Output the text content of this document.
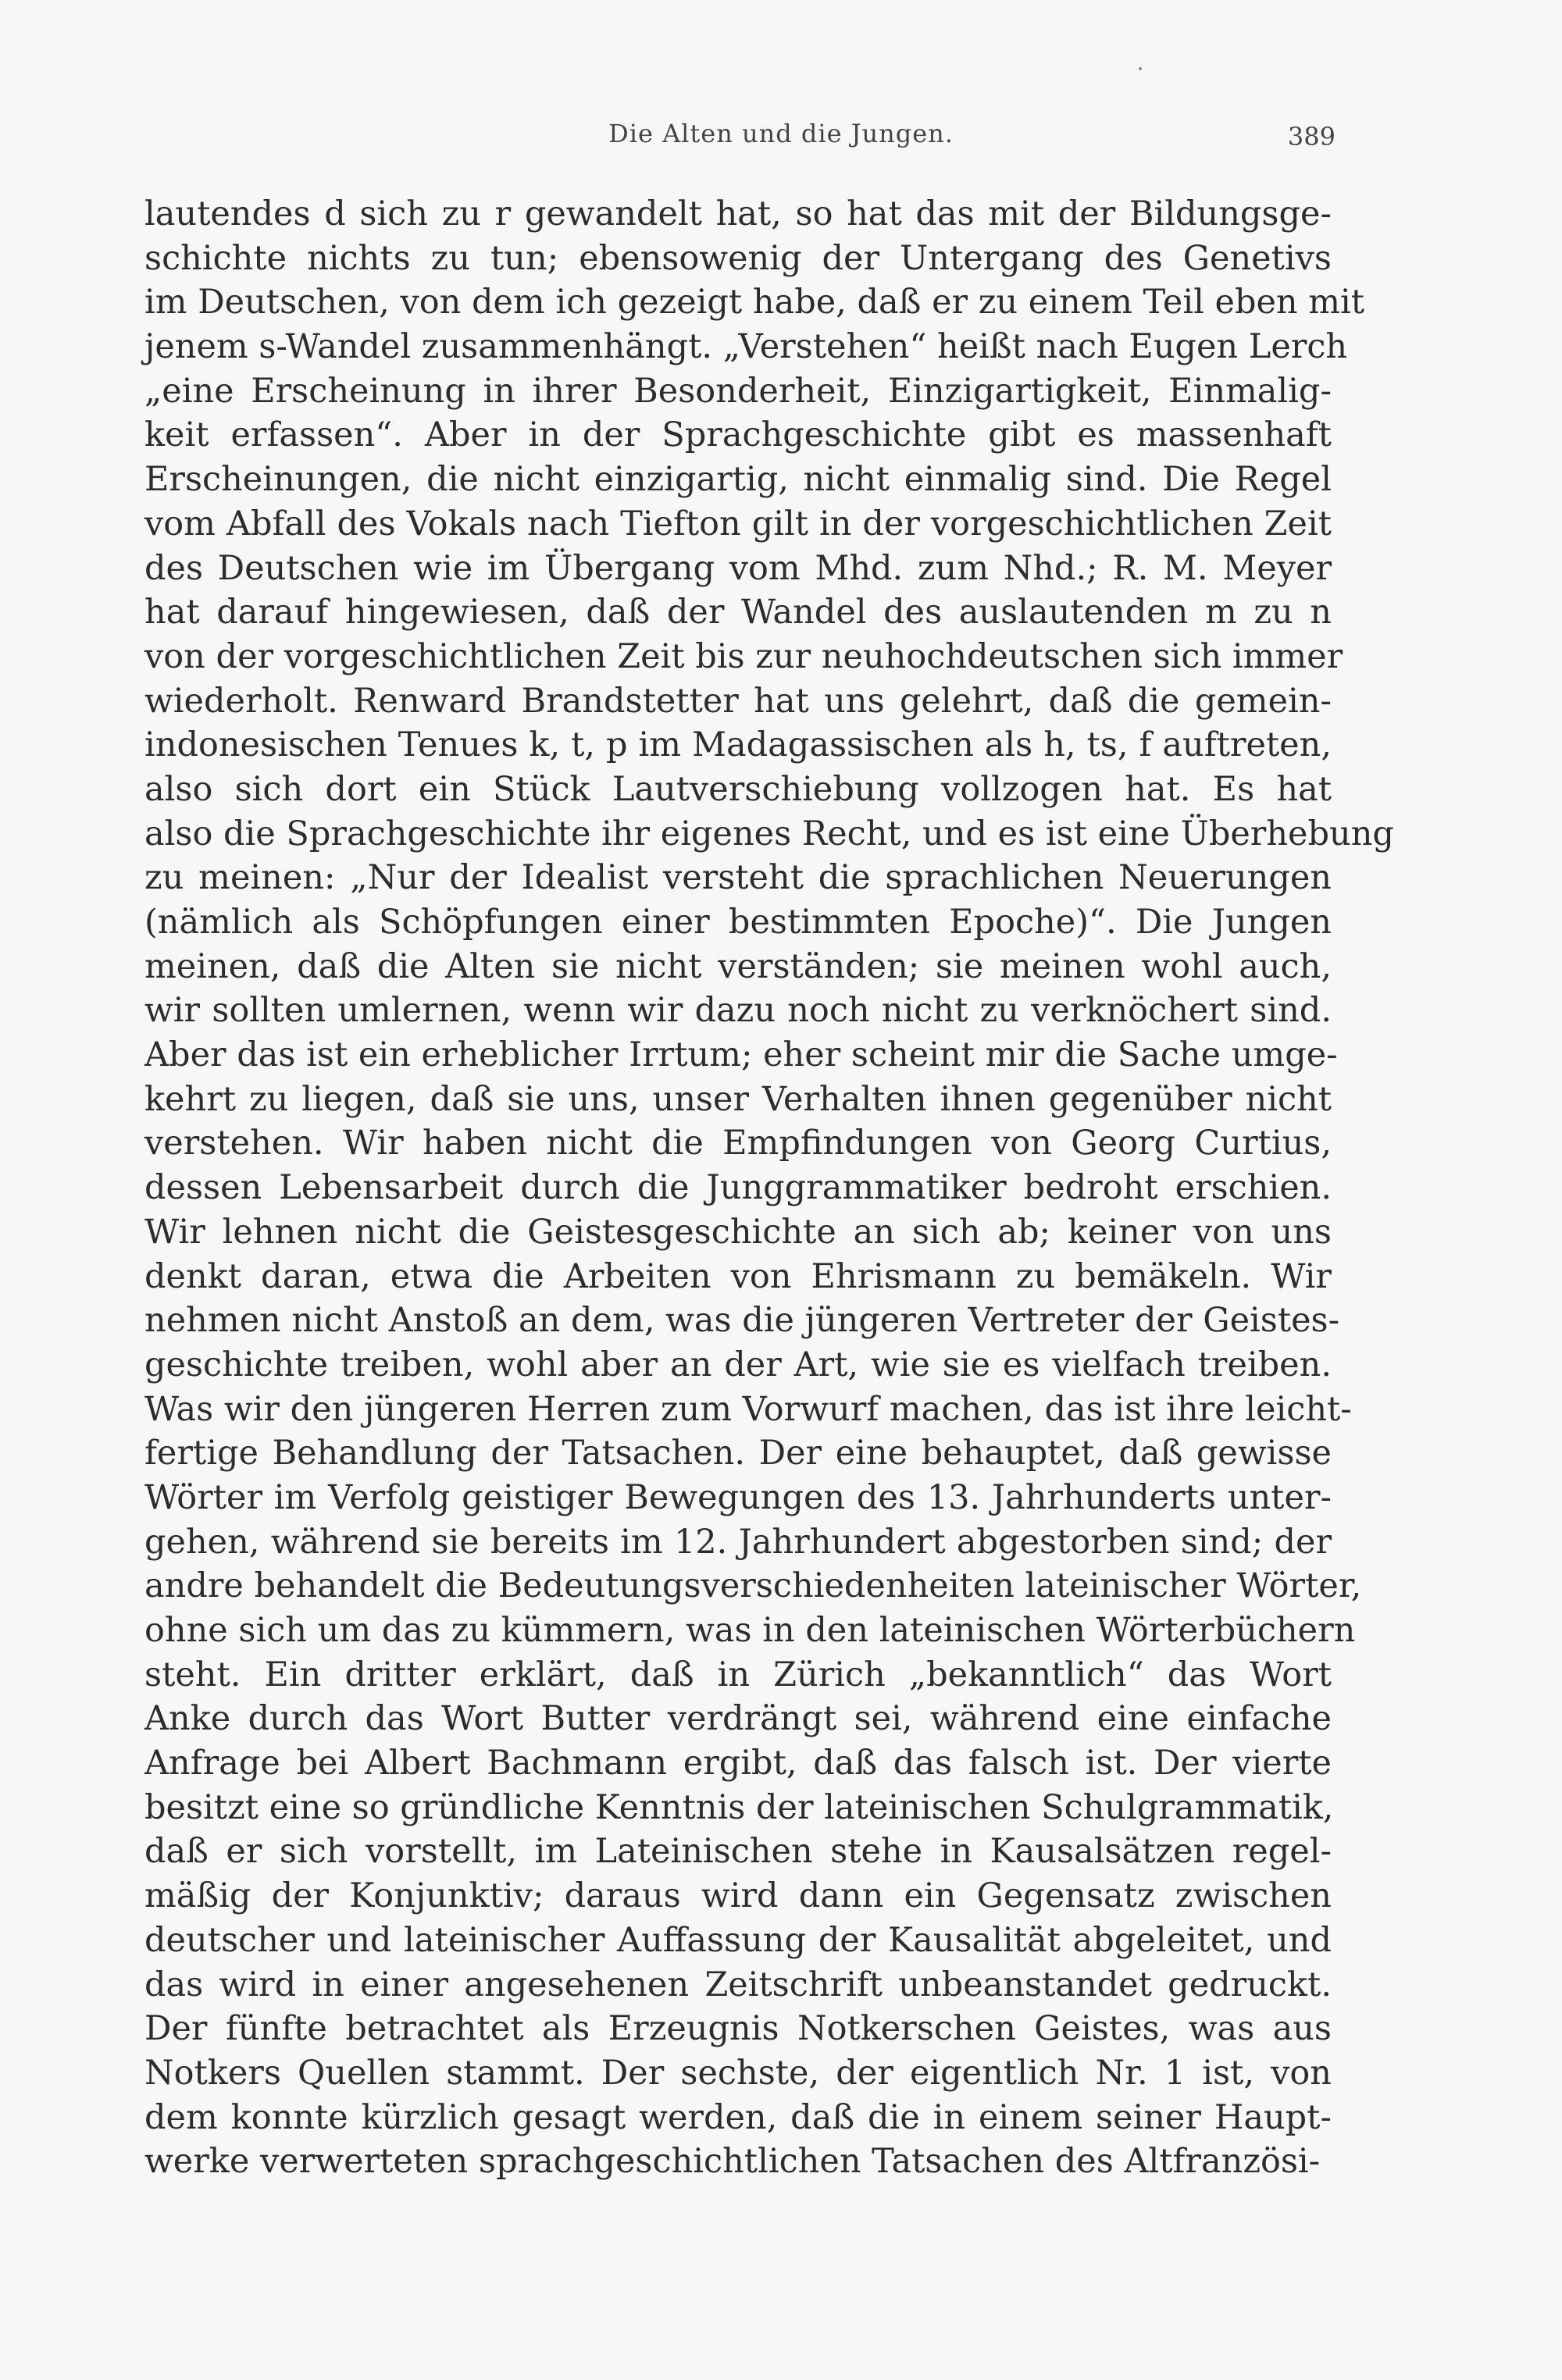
Die Alten und die Jungen.	389
lautendes d sich zu r gewandelt hat, so hat das mit der Bildungsge-
schichte nichts zu tun; ebensowenig der Untergang des Genetivs
im Deutschen, von dem ich gezeigt habe, daß er zu einem Teil eben mit
jenem s-Wandel zusammenhängt. „Verstehen“ heißt nach Eugen Lerch
„eine Erscheinung in ihrer Besonderheit, Einzigartigkeit, Einmalig-
keit erfassen“. Aber in der Sprachgeschichte gibt es massenhaft
Erscheinungen, die nicht einzigartig, nicht einmalig sind. Die Regel
vom Abfall des Vokals nach Tiefton gilt in der vorgeschichtlichen Zeit
des Deutschen wie im Übergang vom Mhd. zum Nhd.; R. M. Meyer
hat darauf hingewiesen, daß der Wandel des auslautenden m zu n
von der vorgeschichtlichen Zeit bis zur neuhochdeutschen sich immer
wiederholt. Renward Brandstetter hat uns gelehrt, daß die gemein-
indonesischen Tenues k, t, p im Madagassischen als h, ts, f auftreten,
also sich dort ein Stück Lautverschiebung vollzogen hat. Es hat
also die Sprachgeschichte ihr eigenes Recht, und es ist eine Überhebung
zu meinen: „Nur der Idealist versteht die sprachlichen Neuerungen
(nämlich als Schöpfungen einer bestimmten Epoche)“. Die Jungen
meinen, daß die Alten sie nicht verständen; sie meinen wohl auch,
wir sollten umlernen, wenn wir dazu noch nicht zu verknöchert sind.
Aber das ist ein erheblicher Irrtum; eher scheint mir die Sache umge-
kehrt zu liegen, daß sie uns, unser Verhalten ihnen gegenüber nicht
verstehen. Wir haben nicht die Empfindungen von Georg Curtius,
dessen Lebensarbeit durch die Junggrammatiker bedroht erschien.
Wir lehnen nicht die Geistesgeschichte an sich ab; keiner von uns
denkt daran, etwa die Arbeiten von Ehrismann zu bemäkeln. Wir
nehmen nicht Anstoß an dem, was die jüngeren Vertreter der Geistes-
geschichte treiben, wohl aber an der Art, wie sie es vielfach treiben.
Was wir den jüngeren Herren zum Vorwurf machen, das ist ihre leicht-
fertige Behandlung der Tatsachen. Der eine behauptet, daß gewisse
Wörter im Verfolg geistiger Bewegungen des 13. Jahrhunderts unter-
gehen, während sie bereits im 12. Jahrhundert abgestorben sind; der
andre behandelt die Bedeutungsverschiedenheiten lateinischer Wörter,
ohne sich um das zu kümmern, was in den lateinischen Wörterbüchern
steht. Ein dritter erklärt, daß in Zürich „bekanntlich“ das Wort
Anke durch das Wort Butter verdrängt sei, während eine einfache
Anfrage bei Albert Bachmann ergibt, daß das falsch ist. Der vierte
besitzt eine so gründliche Kenntnis der lateinischen Schulgrammatik,
daß er sich vorstellt, im Lateinischen stehe in Kausalsätzen regel-
mäßig der Konjunktiv; daraus wird dann ein Gegensatz zwischen
deutscher und lateinischer Auffassung der Kausalität abgeleitet, und
das wird in einer angesehenen Zeitschrift unbeanstandet gedruckt.
Der fünfte betrachtet als Erzeugnis Notkerschen Geistes, was aus
Notkers Quellen stammt. Der sechste, der eigentlich Nr. 1 ist, von
dem konnte kürzlich gesagt werden, daß die in einem seiner Haupt-
werke verwerteten sprachgeschichtlichen Tatsachen des Altfranzösi-
